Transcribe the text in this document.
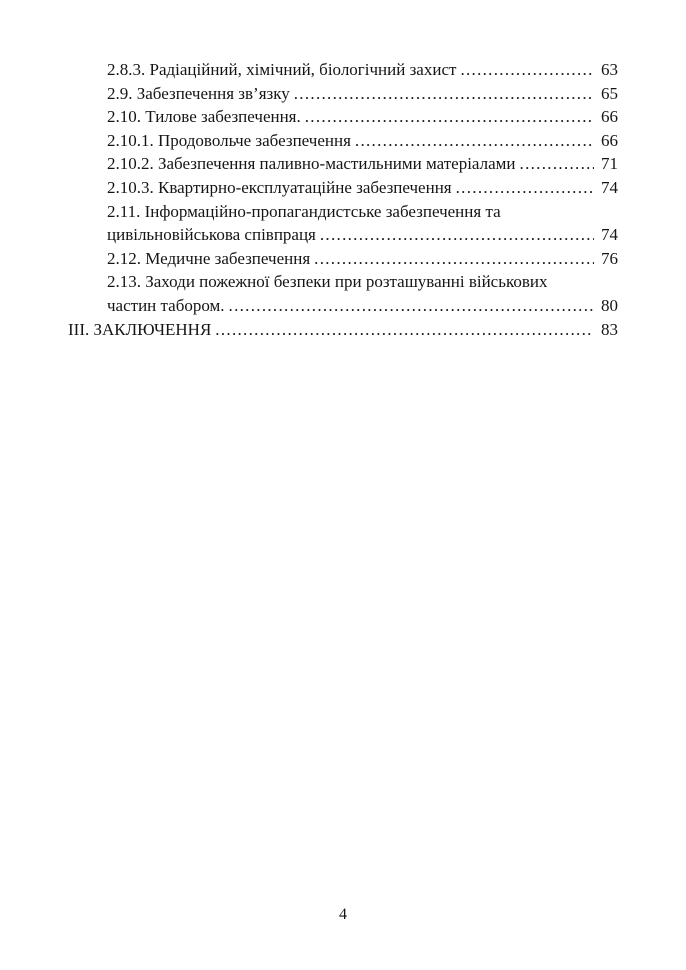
2.8.3. Радіаційний, хімічний, біологічний захист .....	63
2.9. Забезпечення зв’язку .....	65
2.10. Тилове забезпечення. .....	66
2.10.1. Продовольче забезпечення .....	66
2.10.2. Забезпечення паливно-мастильними матеріалами .....	71
2.10.3. Квартирно-експлуатаційне забезпечення .....	74
2.11. Інформаційно-пропагандистське забезпечення та
цивільновійськова співпраця .....	74
2.12. Медичне забезпечення .....	76
2.13. Заходи пожежної безпеки при розташуванні військових
частин табором. .....	80
ІІІ. ЗАКЛЮЧЕННЯ .....	83
4
